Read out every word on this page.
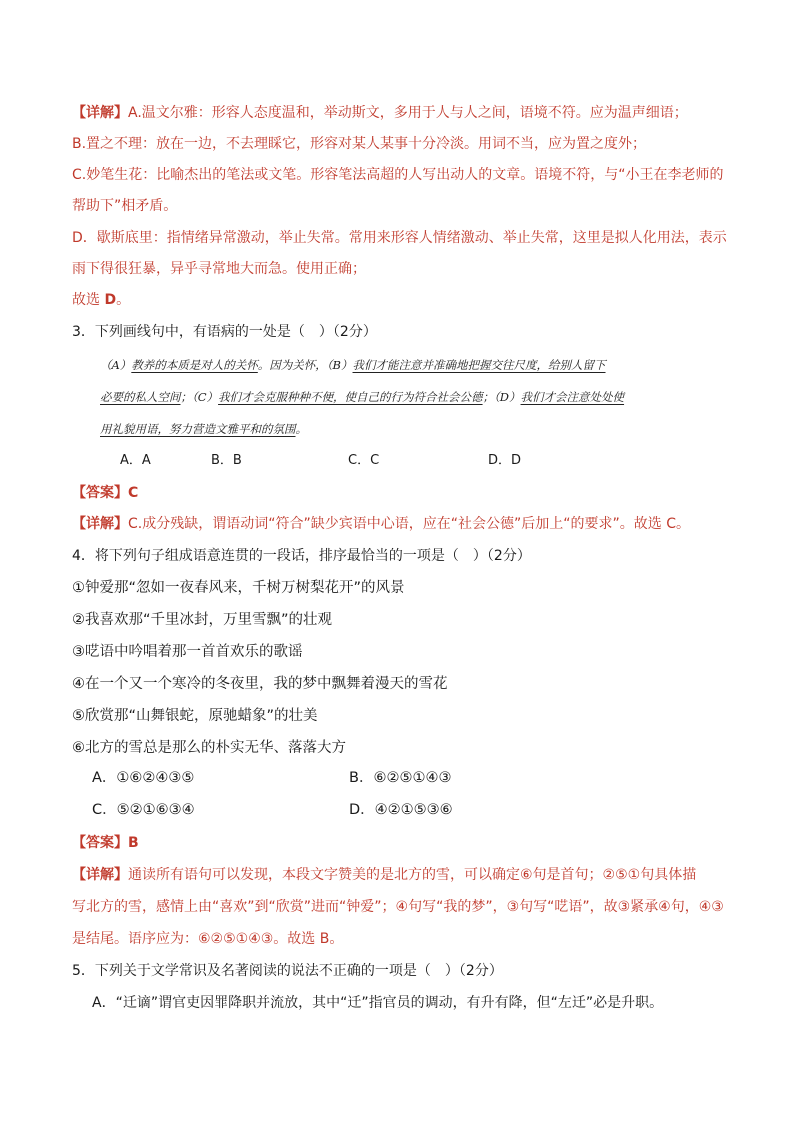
【详解】A.温文尔雅：形容人态度温和，举动斯文，多用于人与人之间，语境不符。应为温声细语；
B.置之不理：放在一边，不去理睬它，形容对某人某事十分冷淡。用词不当，应为置之度外；
C.妙笔生花：比喻杰出的笔法或文笔。形容笔法高超的人写出动人的文章。语境不符，与“小王在李老师的
帮助下”相矛盾。
D．歇斯底里：指情绪异常激动，举止失常。常用来形容人情绪激动、举止失常，这里是拟人化用法，表示
雨下得很狂暴，异乎寻常地大而急。使用正确；
故选 D。
3．下列画线句中，有语病的一处是（　）（2分）
（A）教养的本质是对人的关怀。因为关怀，（B）我们才能注意并准确地把握交往尺度，给别人留下
必要的私人空间；（C）我们才会克服种种不便，使自己的行为符合社会公德；（D）我们才会注意处处使
用礼貌用语，努力营造文雅平和的氛围。
A．A	B．B	C．C	D．D
【答案】C
【详解】C.成分残缺，谓语动词“符合”缺少宾语中心语，应在“社会公德”后加上“的要求”。故选 C。
4．将下列句子组成语意连贯的一段话，排序最恰当的一项是（　）（2分）
①钟爱那“忽如一夜春风来，千树万树梨花开”的风景
②我喜欢那“千里冰封，万里雪飘”的壮观
③呓语中吟唱着那一首首欢乐的歌谣
④在一个又一个寒冷的冬夜里，我的梦中飘舞着漫天的雪花
⑤欣赏那“山舞银蛇，原驰蜡象”的壮美
⑥北方的雪总是那么的朴实无华、落落大方
A．①⑥②④③⑤	B．⑥②⑤①④③
C．⑤②①⑥③④	D．④②①⑤③⑥
【答案】B
【详解】通读所有语句可以发现，本段文字赞美的是北方的雪，可以确定⑥句是首句；②⑤①句具体描
写北方的雪，感情上由“喜欢”到“欣赏”进而“钟爱”；④句写“我的梦”，③句写“呓语”，故③紧承④句，④③
是结尾。语序应为：⑥②⑤①④③。故选 B。
5．下列关于文学常识及名著阅读的说法不正确的一项是（　）（2分）
A．“迁谪”谓官吏因罪降职并流放，其中“迁”指官员的调动，有升有降，但“左迁”必是升职。
